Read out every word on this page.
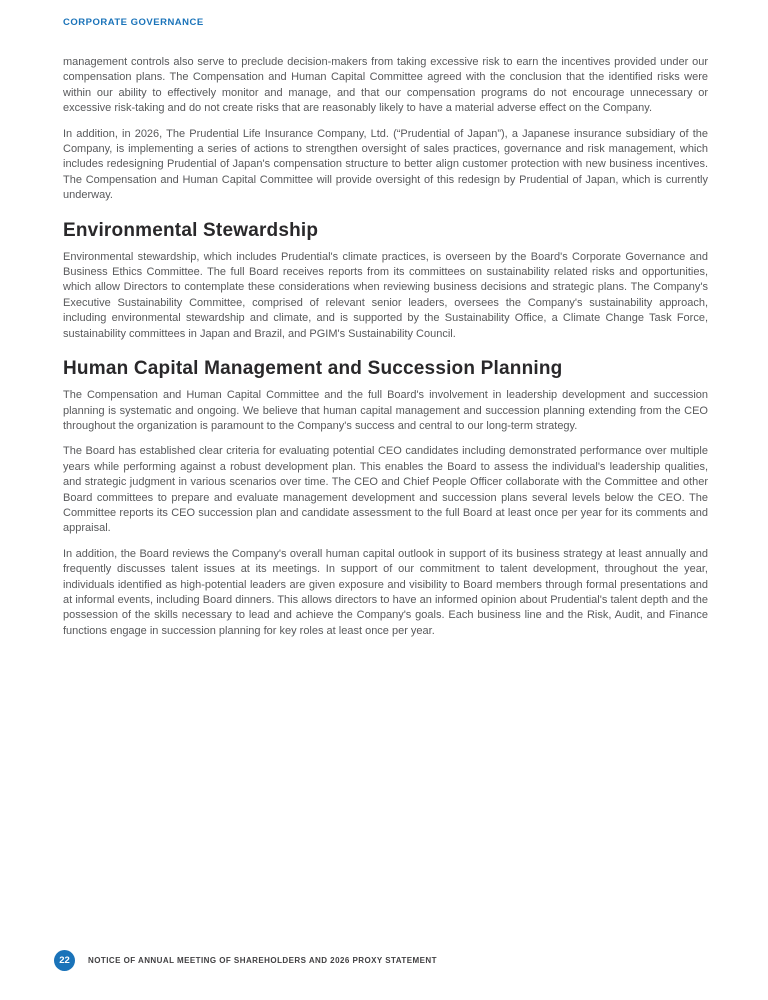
CORPORATE GOVERNANCE

management controls also serve to preclude decision-makers from taking excessive risk to earn the incentives provided under our compensation plans. The Compensation and Human Capital Committee agreed with the conclusion that the identified risks were within our ability to effectively monitor and manage, and that our compensation programs do not encourage unnecessary or excessive risk-taking and do not create risks that are reasonably likely to have a material adverse effect on the Company.

In addition, in 2026, The Prudential Life Insurance Company, Ltd. (“Prudential of Japan”), a Japanese insurance subsidiary of the Company, is implementing a series of actions to strengthen oversight of sales practices, governance and risk management, which includes redesigning Prudential of Japan's compensation structure to better align customer protection with new business incentives. The Compensation and Human Capital Committee will provide oversight of this redesign by Prudential of Japan, which is currently underway.

Environmental Stewardship

Environmental stewardship, which includes Prudential's climate practices, is overseen by the Board's Corporate Governance and Business Ethics Committee. The full Board receives reports from its committees on sustainability related risks and opportunities, which allow Directors to contemplate these considerations when reviewing business decisions and strategic plans. The Company's Executive Sustainability Committee, comprised of relevant senior leaders, oversees the Company's sustainability approach, including environmental stewardship and climate, and is supported by the Sustainability Office, a Climate Change Task Force, sustainability committees in Japan and Brazil, and PGIM's Sustainability Council.

Human Capital Management and Succession Planning

The Compensation and Human Capital Committee and the full Board's involvement in leadership development and succession planning is systematic and ongoing. We believe that human capital management and succession planning extending from the CEO throughout the organization is paramount to the Company's success and central to our long-term strategy.

The Board has established clear criteria for evaluating potential CEO candidates including demonstrated performance over multiple years while performing against a robust development plan. This enables the Board to assess the individual's leadership qualities, and strategic judgment in various scenarios over time. The CEO and Chief People Officer collaborate with the Committee and other Board committees to prepare and evaluate management development and succession plans several levels below the CEO. The Committee reports its CEO succession plan and candidate assessment to the full Board at least once per year for its comments and appraisal.

In addition, the Board reviews the Company's overall human capital outlook in support of its business strategy at least annually and frequently discusses talent issues at its meetings. In support of our commitment to talent development, throughout the year, individuals identified as high-potential leaders are given exposure and visibility to Board members through formal presentations and at informal events, including Board dinners. This allows directors to have an informed opinion about Prudential's talent depth and the possession of the skills necessary to lead and achieve the Company's goals. Each business line and the Risk, Audit, and Finance functions engage in succession planning for key roles at least once per year.

22	NOTICE OF ANNUAL MEETING OF SHAREHOLDERS AND 2026 PROXY STATEMENT
